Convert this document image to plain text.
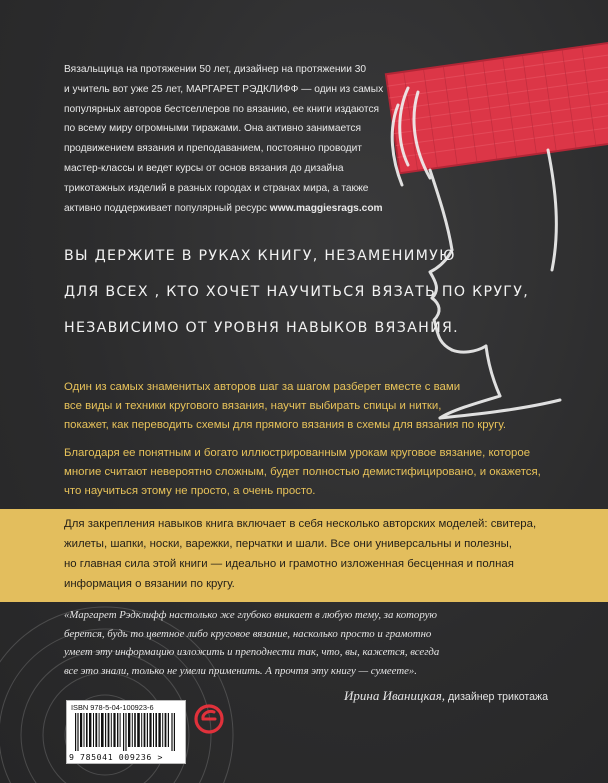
Вязальщица на протяжении 50 лет, дизайнер на протяжении 30
и учитель вот уже 25 лет, МАРГАРЕТ РЭДКЛИФФ — один из самых
популярных авторов бестселлеров по вязанию, ее книги издаются
по всему миру огромными тиражами. Она активно занимается
продвижением вязания и преподаванием, постоянно проводит
мастер-классы и ведет курсы от основ вязания до дизайна
трикотажных изделий в разных городах и странах мира, а также
активно поддерживает популярный ресурс www.maggiesrags.com
ВЫ ДЕРЖИТЕ В РУКАХ КНИГУ, НЕЗАМЕНИМУЮ
ДЛЯ ВСЕХ , КТО ХОЧЕТ НАУЧИТЬСЯ ВЯЗАТЬ ПО КРУГУ,
НЕЗАВИСИМО ОТ УРОВНЯ НАВЫКОВ ВЯЗАНИЯ.
Один из самых знаменитых авторов шаг за шагом разберет вместе с вами
все виды и техники кругового вязания, научит выбирать спицы и нитки,
покажет, как переводить схемы для прямого вязания в схемы для вязания по кругу.
Благодаря ее понятным и богато иллюстрированным урокам круговое вязание, которое
многие считают невероятно сложным, будет полностью демистифицировано, и окажется,
что научиться этому не просто, а очень просто.
Для закрепления навыков книга включает в себя несколько авторских моделей: свитера,
жилеты, шапки, носки, варежки, перчатки и шали. Все они универсальны и полезны,
но главная сила этой книги — идеально и грамотно изложенная бесценная и полная
информация о вязании по кругу.
«Маргарет Рэдклифф настолько же глубоко вникает в любую тему, за которую
берется, будь то цветное либо круговое вязание, насколько просто и грамотно
умеет эту информацию изложить и преподнести так, что, вы, кажется, всегда
все это знали, только не умели применить. А прочтя эту книгу — сумеете».
Ирина Иваницкая, дизайнер трикотажа
ISBN 978-5-04-100923-6
9 785041 009236 >
